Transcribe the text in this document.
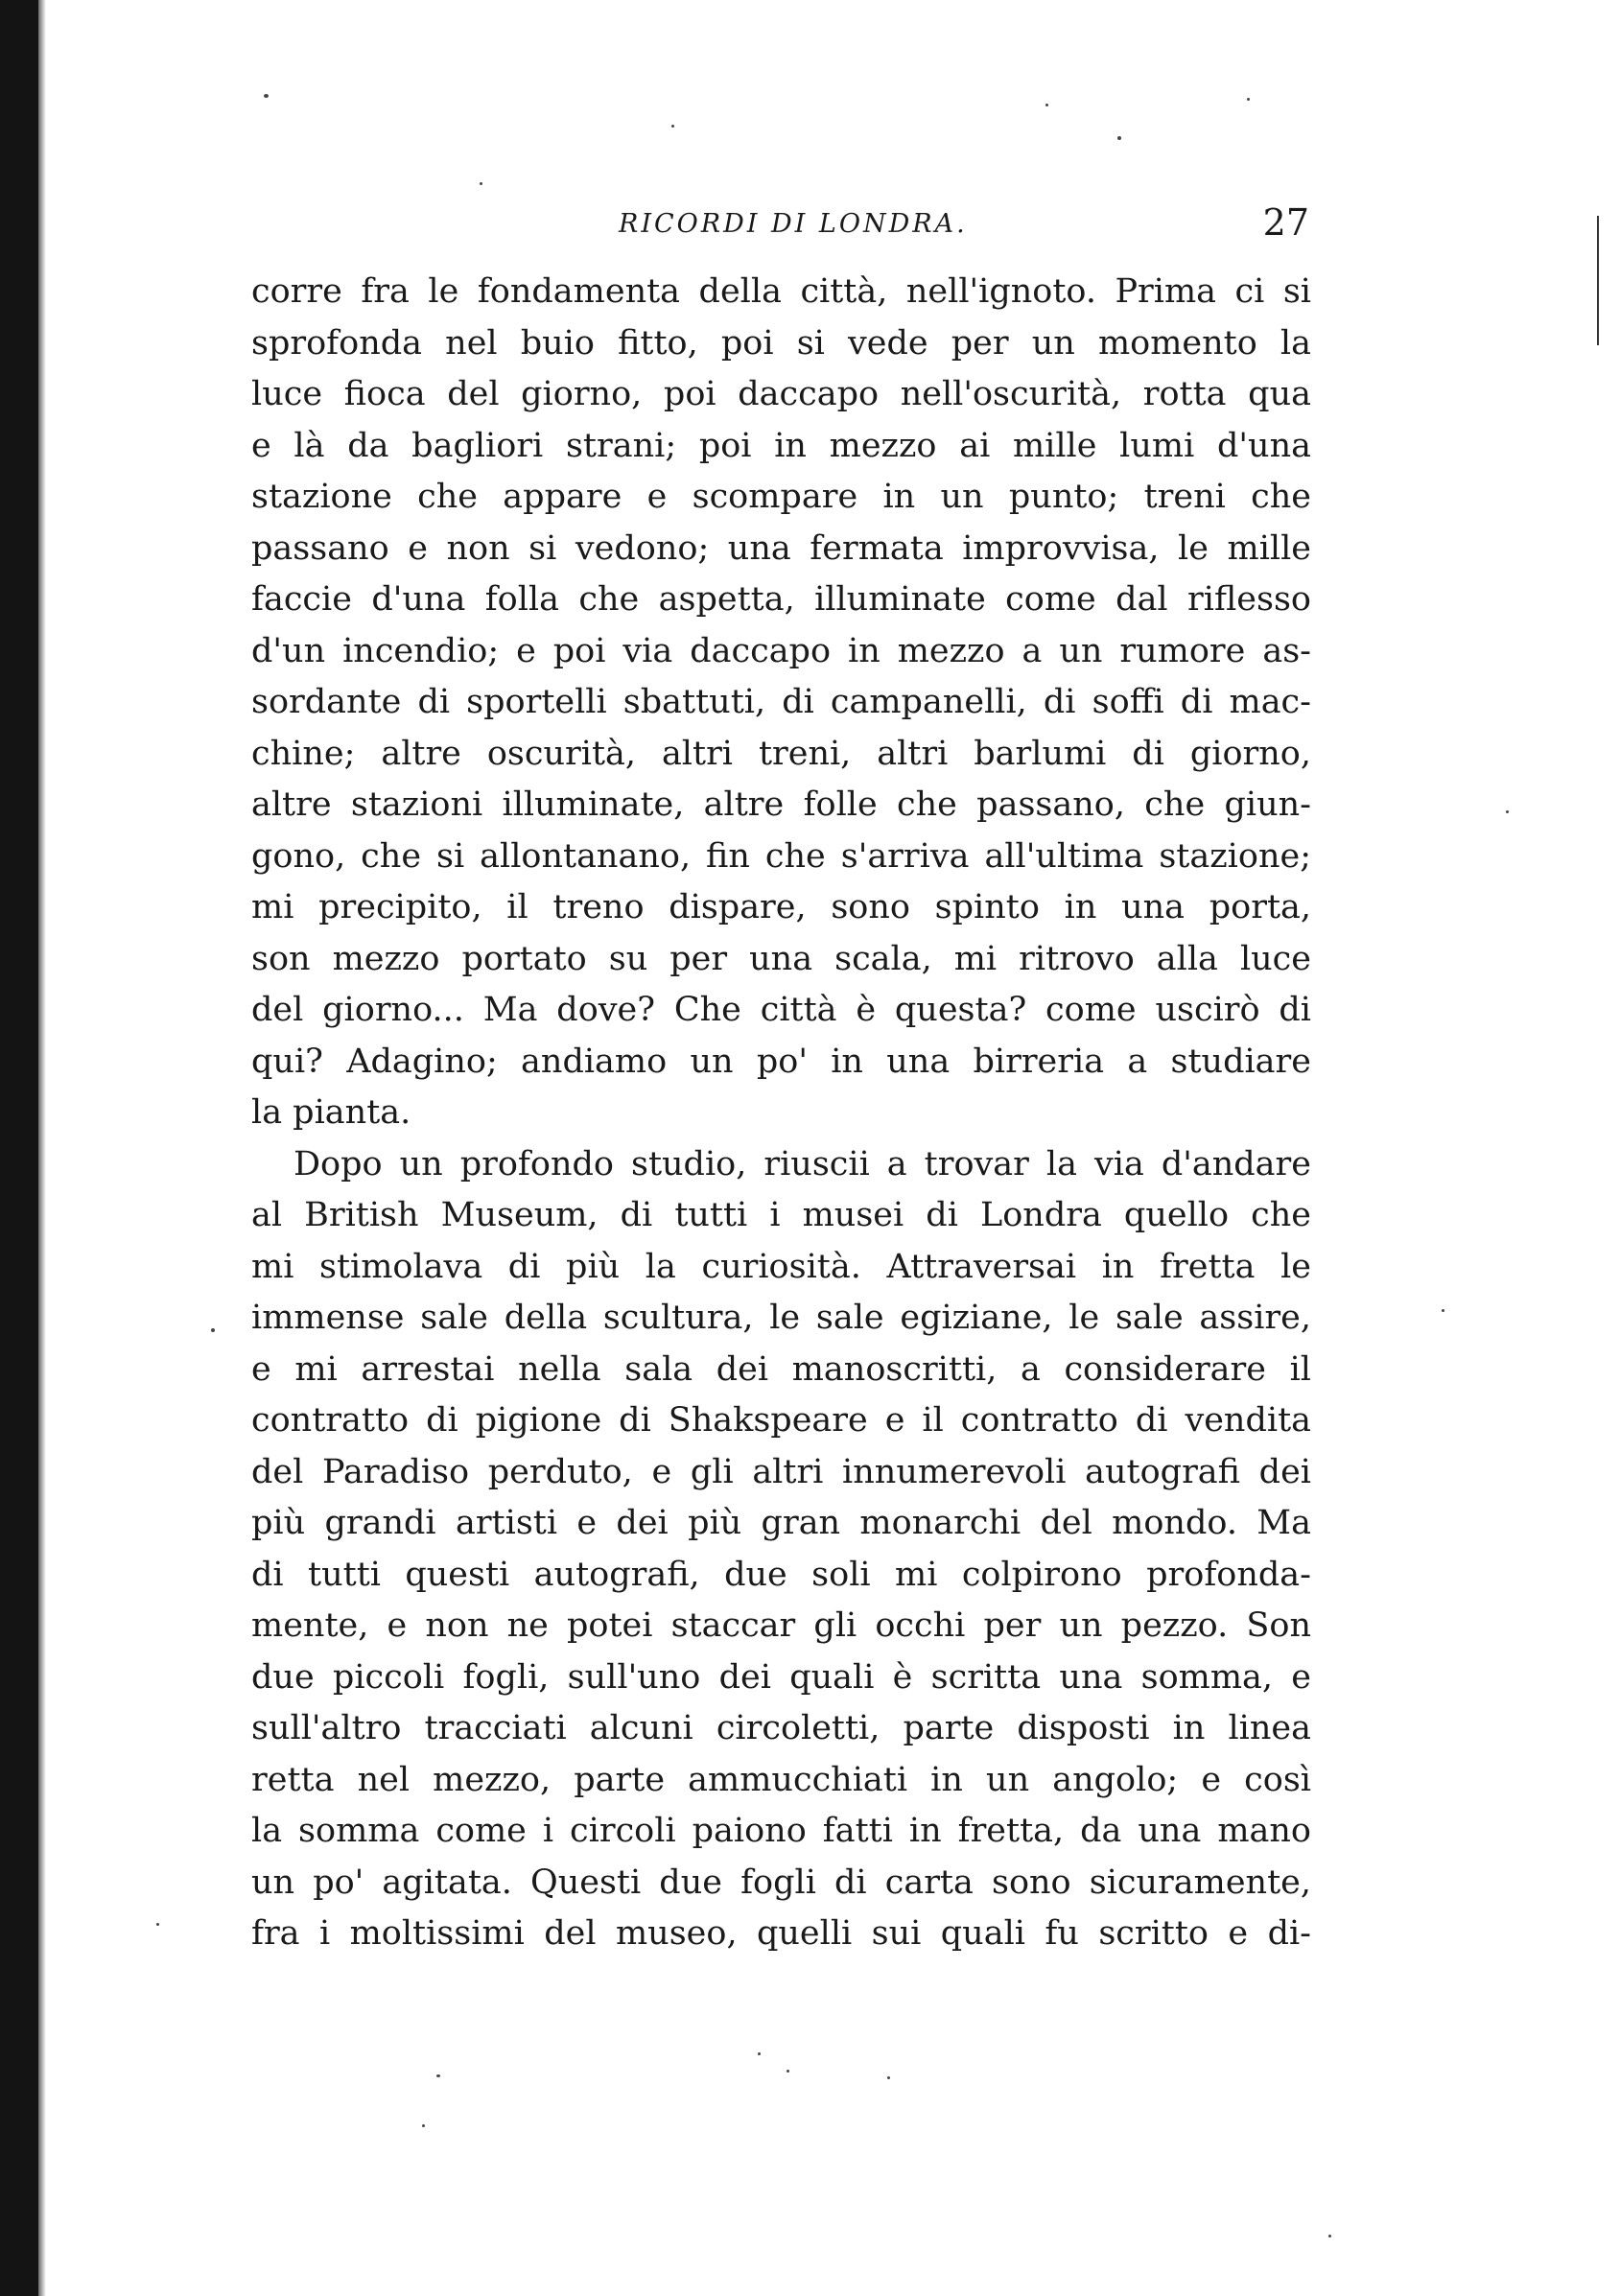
RICORDI DI LONDRA.	27
corre fra le fondamenta della città, nell'ignoto. Prima ci si
sprofonda nel buio fitto, poi si vede per un momento la
luce fioca del giorno, poi daccapo nell'oscurità, rotta qua
e là da bagliori strani; poi in mezzo ai mille lumi d'una
stazione che appare e scompare in un punto; treni che
passano e non si vedono; una fermata improvvisa, le mille
faccie d'una folla che aspetta, illuminate come dal riflesso
d'un incendio; e poi via daccapo in mezzo a un rumore as-
sordante di sportelli sbattuti, di campanelli, di soffi di mac-
chine; altre oscurità, altri treni, altri barlumi di giorno,
altre stazioni illuminate, altre folle che passano, che giun-
gono, che si allontanano, fin che s'arriva all'ultima stazione;
mi precipito, il treno dispare, sono spinto in una porta,
son mezzo portato su per una scala, mi ritrovo alla luce
del giorno... Ma dove? Che città è questa? come uscirò di
qui? Adagino; andiamo un po' in una birreria a studiare
la pianta.
Dopo un profondo studio, riuscii a trovar la via d'andare
al British Museum, di tutti i musei di Londra quello che
mi stimolava di più la curiosità. Attraversai in fretta le
immense sale della scultura, le sale egiziane, le sale assire,
e mi arrestai nella sala dei manoscritti, a considerare il
contratto di pigione di Shakspeare e il contratto di vendita
del Paradiso perduto, e gli altri innumerevoli autografi dei
più grandi artisti e dei più gran monarchi del mondo. Ma
di tutti questi autografi, due soli mi colpirono profonda-
mente, e non ne potei staccar gli occhi per un pezzo. Son
due piccoli fogli, sull'uno dei quali è scritta una somma, e
sull'altro tracciati alcuni circoletti, parte disposti in linea
retta nel mezzo, parte ammucchiati in un angolo; e così
la somma come i circoli paiono fatti in fretta, da una mano
un po' agitata. Questi due fogli di carta sono sicuramente,
fra i moltissimi del museo, quelli sui quali fu scritto e di-
